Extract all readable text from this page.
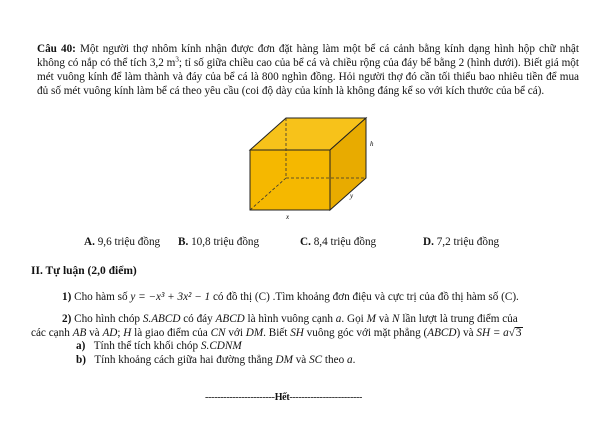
Câu 40: Một người thợ nhôm kính nhận được đơn đặt hàng làm một bể cá cảnh bằng kính dạng hình hộp chữ nhật không có nắp có thể tích 3,2 $m^3$; tỉ số giữa chiều cao của bể cá và chiều rộng của đáy bể bằng 2 (hình dưới). Biết giá một mét vuông kính để làm thành và đáy của bể cá là 800 nghìn đồng. Hỏi người thợ đó cần tối thiểu bao nhiêu tiền để mua đủ số mét vuông kính làm bể cá theo yêu cầu (coi độ dày của kính là không đáng kể so với kích thước của bể cá).
h
y
x
A. 9,6 triệu đồng B. 10,8 triệu đồng	C. 8,4 triệu đồng	D. 7,2 triệu đồng
II. Tự luận (2,0 điểm)
1) Cho hàm số y = −x³ + 3x² − 1 có đồ thị (C) .Tìm khoảng đơn điệu và cực trị của đồ thị hàm số (C).
2) Cho hình chóp S.ABCD có đáy ABCD là hình vuông cạnh a. Gọi M và N lần lượt là trung điểm của
các cạnh AB và AD; H là giao điểm của CN với DM. Biết SH vuông góc với mặt phẳng (ABCD) và SH = a√3
a) Tính thể tích khối chóp S.CDNM
b) Tính khoảng cách giữa hai đường thẳng DM và SC theo a.
-----------------------Hết------------------------
